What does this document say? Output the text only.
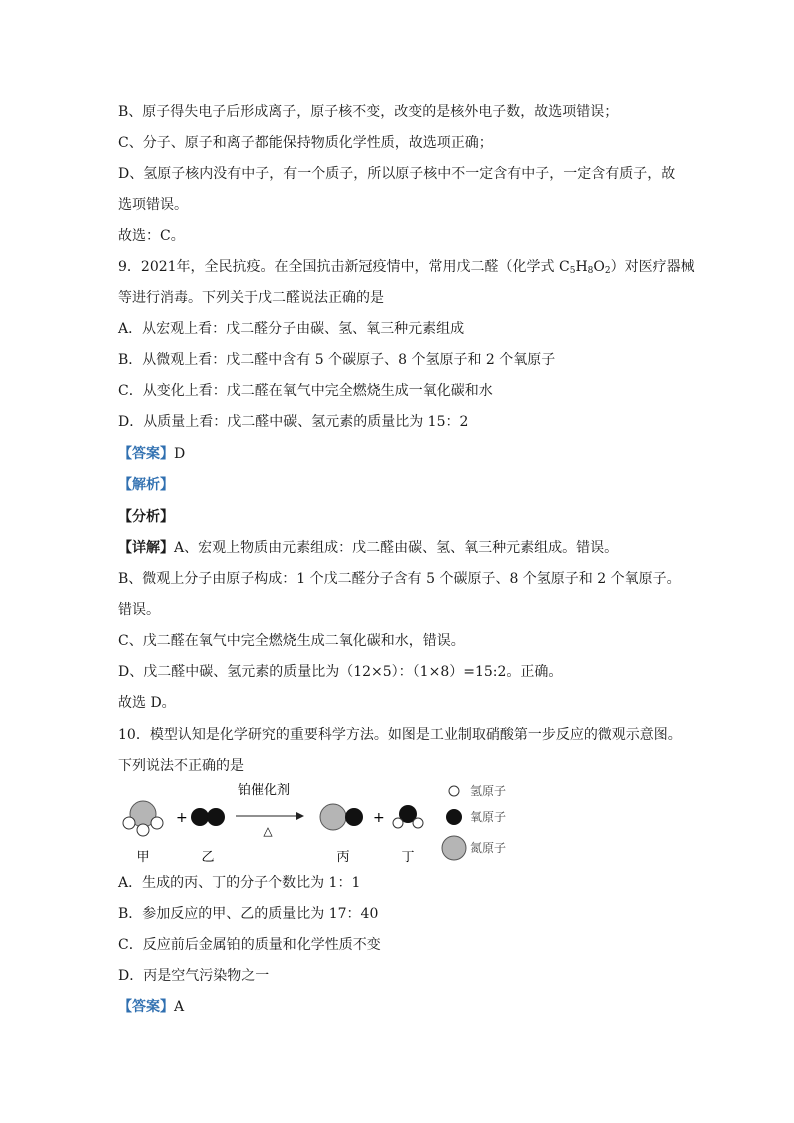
B、原子得失电子后形成离子，原子核不变，改变的是核外电子数，故选项错误；
C、分子、原子和离子都能保持物质化学性质，故选项正确；
D、氢原子核内没有中子，有一个质子，所以原子核中不一定含有中子，一定含有质子，故
选项错误。
故选：C。
9．2021年，全民抗疫。在全国抗击新冠疫情中，常用戊二醛（化学式 $C_5H_8O_2$）对医疗器械
等进行消毒。下列关于戊二醛说法正确的是
A．从宏观上看：戊二醛分子由碳、氢、氧三种元素组成
B．从微观上看：戊二醛中含有 5 个碳原子、8 个氢原子和 2 个氧原子
C．从变化上看：戊二醛在氧气中完全燃烧生成一氧化碳和水
D．从质量上看：戊二醛中碳、氢元素的质量比为 15：2
【答案】D
【解析】
【分析】
【详解】A、宏观上物质由元素组成：戊二醛由碳、氢、氧三种元素组成。错误。
B、微观上分子由原子构成：1 个戊二醛分子含有 5 个碳原子、8 个氢原子和 2 个氧原子。
错误。
C、戊二醛在氧气中完全燃烧生成二氧化碳和水，错误。
D、戊二醛中碳、氢元素的质量比为（12×5）：（1×8）=15:2。正确。
故选 D。
10．模型认知是化学研究的重要科学方法。如图是工业制取硝酸第一步反应的微观示意图。
下列说法不正确的是
+
铂催化剂
△
+
甲	乙	丙	丁
氢原子
氧原子
氮原子
A．生成的丙、丁的分子个数比为 1：1
B．参加反应的甲、乙的质量比为 17：40
C．反应前后金属铂的质量和化学性质不变
D．丙是空气污染物之一
【答案】A
